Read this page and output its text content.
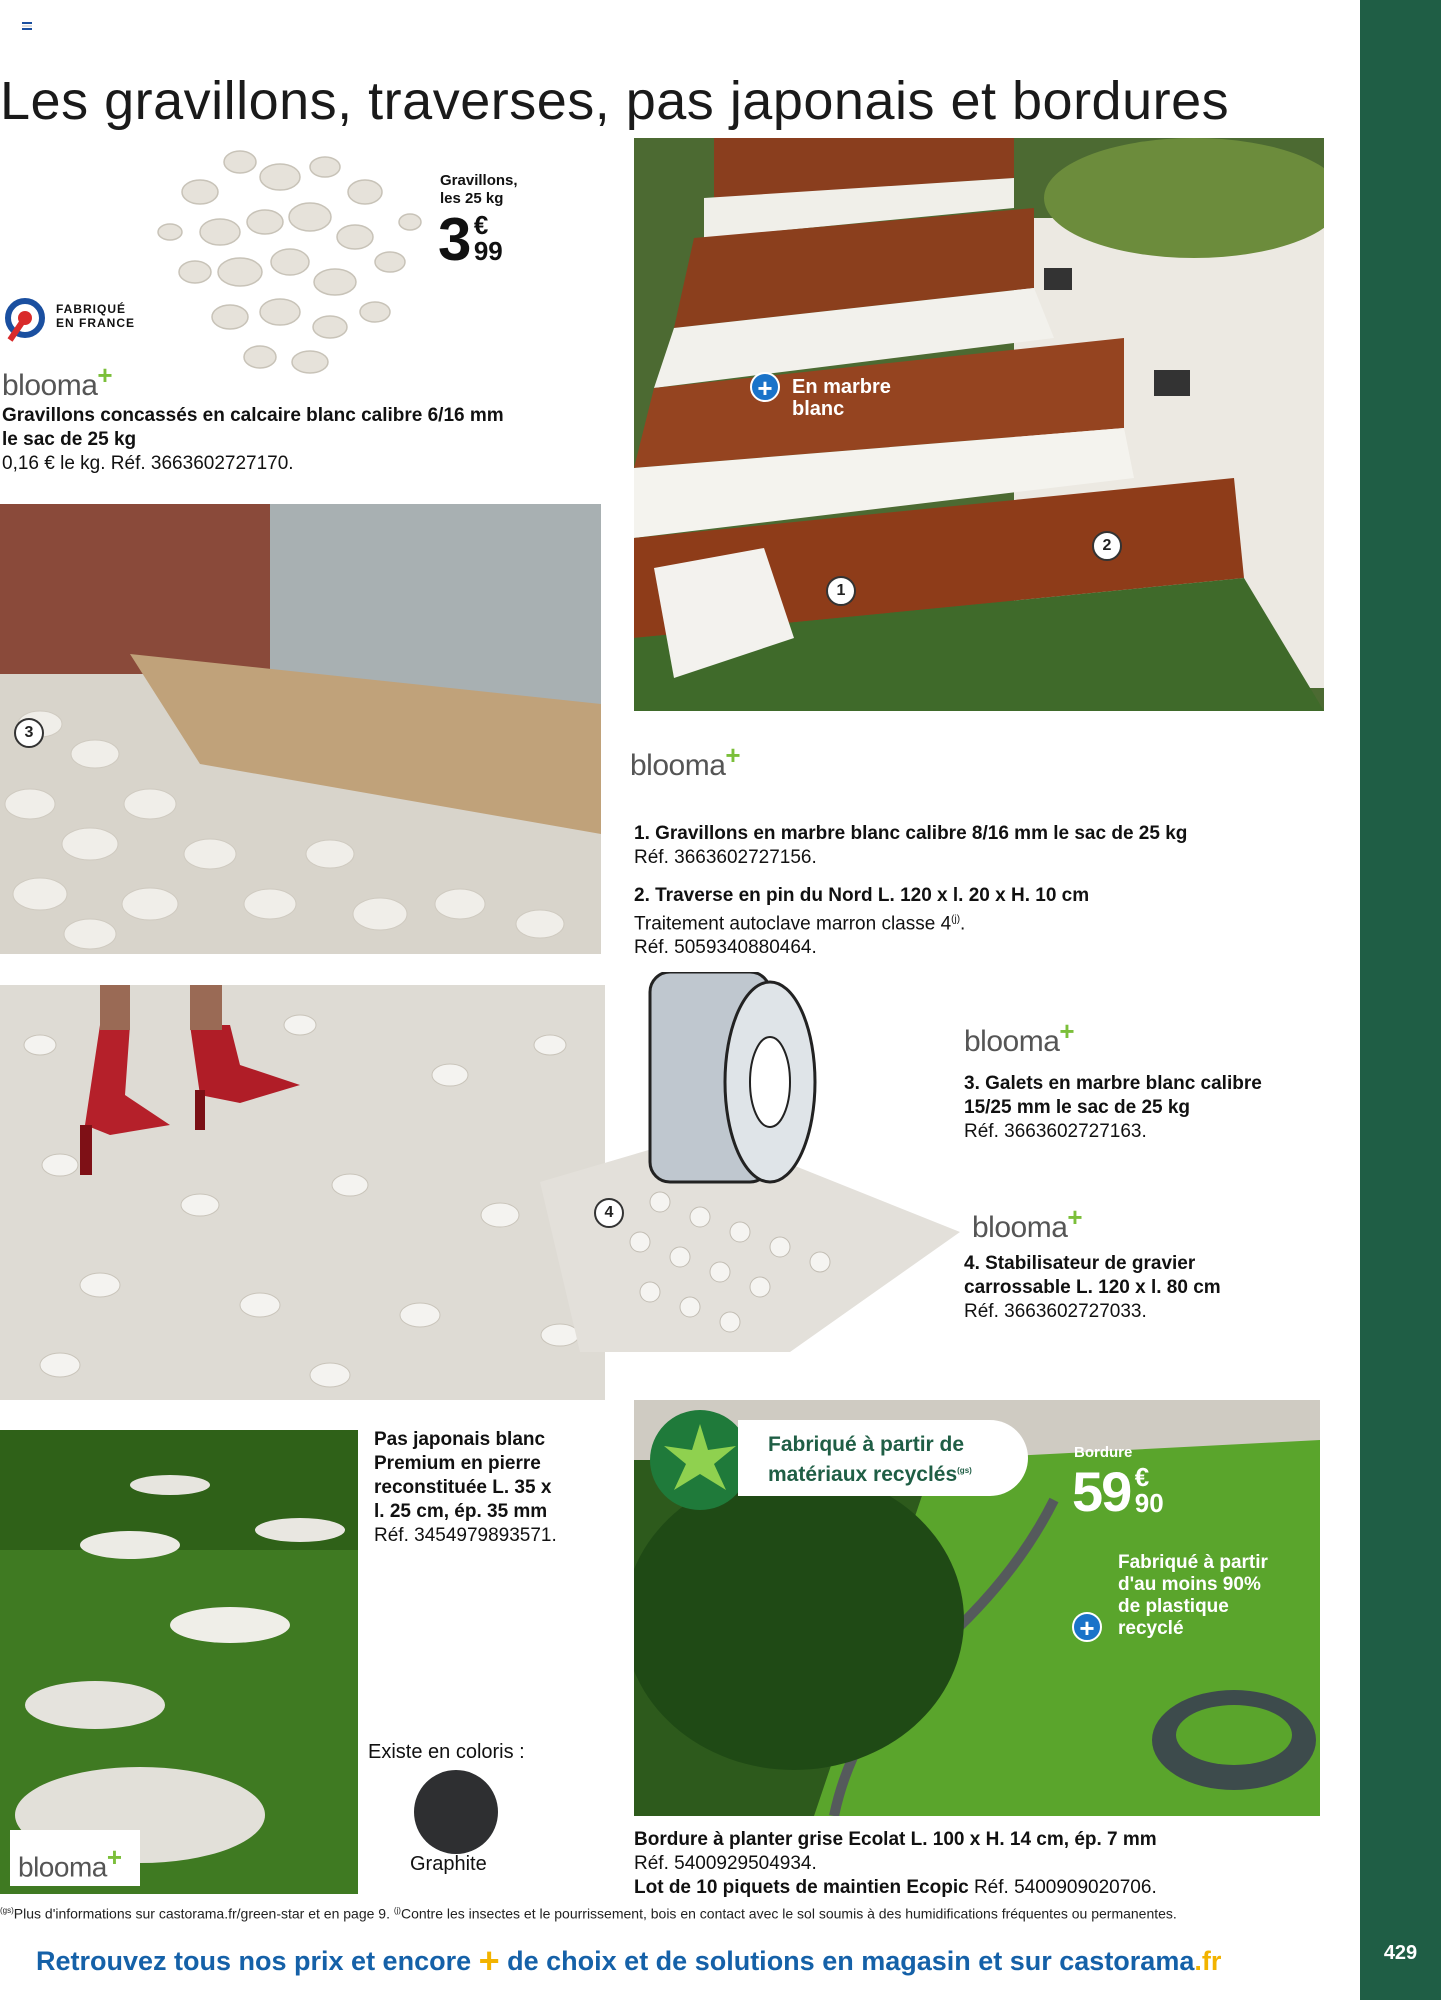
429
Les gravillons, traverses, pas japonais et bordures
Gravillons,
les 25 kg
3 €
99
FABRIQUÉ
EN FRANCE
blooma+
Gravillons concassés en calcaire blanc calibre 6/16 mm
le sac de 25 kg
0,16 € le kg. Réf. 3663602727170.
+ En marbre
blanc
1
2
3
blooma+
1. Gravillons en marbre blanc calibre 8/16 mm le sac de 25 kg
Réf. 3663602727156.
2. Traverse en pin du Nord L. 120 x l. 20 x H. 10 cm
Traitement autoclave marron classe 4$^{(j)}$.
Réf. 5059340880464.
4
blooma+
3. Galets en marbre blanc calibre
15/25 mm le sac de 25 kg
Réf. 3663602727163.
blooma+
4. Stabilisateur de gravier
carrossable L. 120 x l. 80 cm
Réf. 3663602727033.
blooma+
Pas japonais blanc
Premium en pierre
reconstituée L. 35 x
l. 25 cm, ép. 35 mm
Réf. 3454979893571.
Existe en coloris :
Graphite
Fabriqué à partir de
matériaux recyclés$^{(gs)}$
Bordure
59 €
90
+
Fabriqué à partir
d'au moins 90%
de plastique
recyclé
Bordure à planter grise Ecolat L. 100 x H. 14 cm, ép. 7 mm
Réf. 5400929504934.
Lot de 10 piquets de maintien Ecopic Réf. 5400909020706.
$^{(gs)}$Plus d'informations sur castorama.fr/green-star et en page 9. $^{(j)}$Contre les insectes et le pourrissement, bois en contact avec le sol soumis à des humidifications fréquentes ou permanentes.
Retrouvez tous nos prix et encore + de choix et de solutions en magasin et sur castorama.fr
